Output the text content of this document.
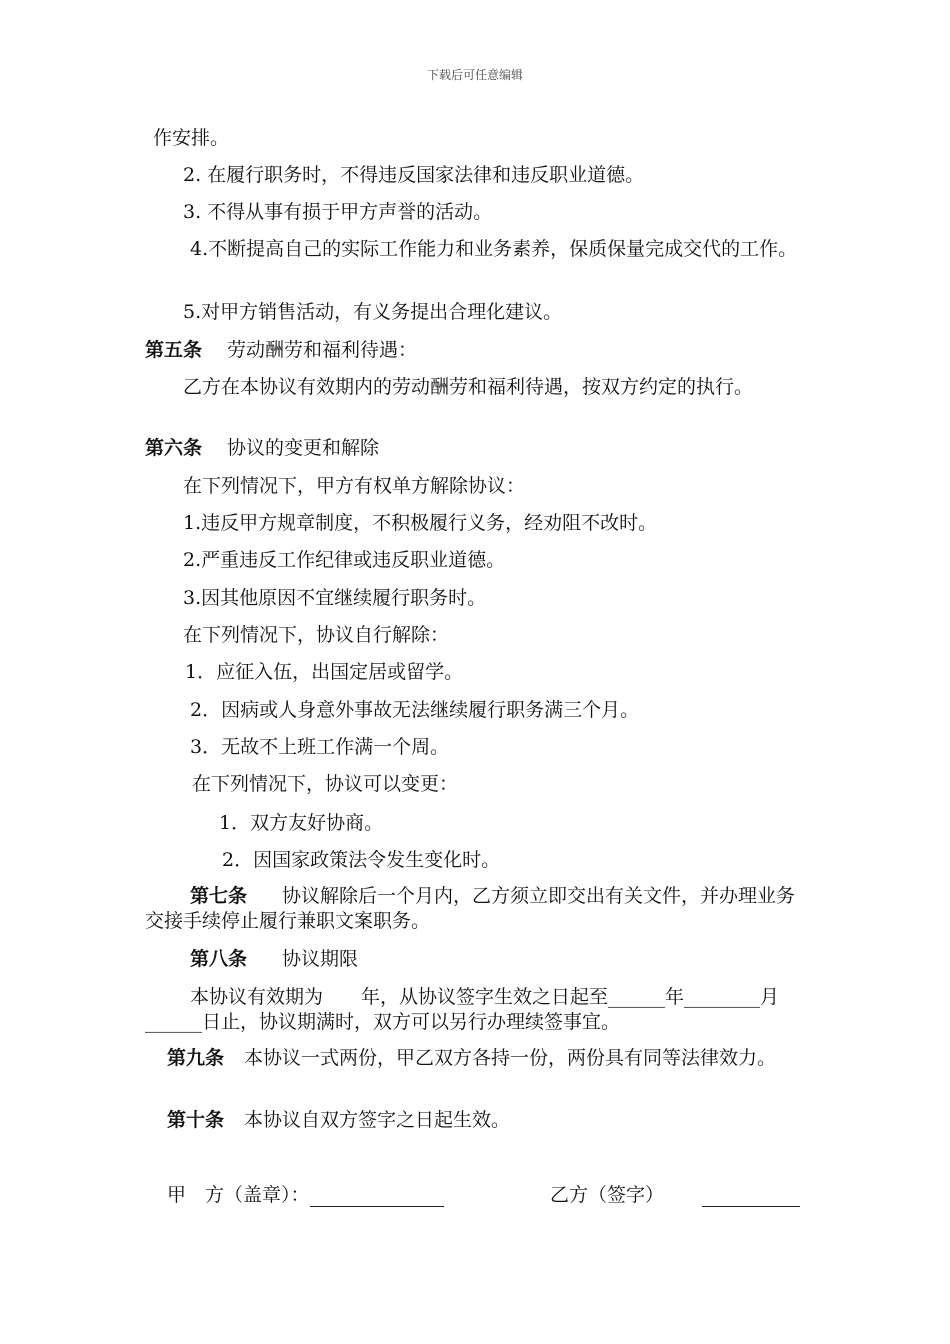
下载后可任意编辑
作安排。
2. 在履行职务时，不得违反国家法律和违反职业道德。
3. 不得从事有损于甲方声誉的活动。
4.不断提高自己的实际工作能力和业务素养，保质保量完成交代的工作。
5.对甲方销售活动，有义务提出合理化建议。
第五条 劳动酬劳和福利待遇：
乙方在本协议有效期内的劳动酬劳和福利待遇，按双方约定的执行。
第六条 协议的变更和解除
在下列情况下，甲方有权单方解除协议：
1.违反甲方规章制度，不积极履行义务，经劝阻不改时。
2.严重违反工作纪律或违反职业道德。
3.因其他原因不宜继续履行职务时。
在下列情况下，协议自行解除：
1．应征入伍，出国定居或留学。
2．因病或人身意外事故无法继续履行职务满三个月。
3．无故不上班工作满一个周。
在下列情况下，协议可以变更：
1．双方友好协商。
2．因国家政策法令发生变化时。
第七条 协议解除后一个月内，乙方须立即交出有关文件，并办理业务交接手续停止履行兼职文案职务。
第八条 协议期限
本协议有效期为　　年，从协议签字生效之日起至______年________月______日止，协议期满时，双方可以另行办理续签事宜。
第九条 本协议一式两份，甲乙双方各持一份，两份具有同等法律效力。
第十条 本协议自双方签字之日起生效。
甲　方（盖章）：	乙方（签字）
